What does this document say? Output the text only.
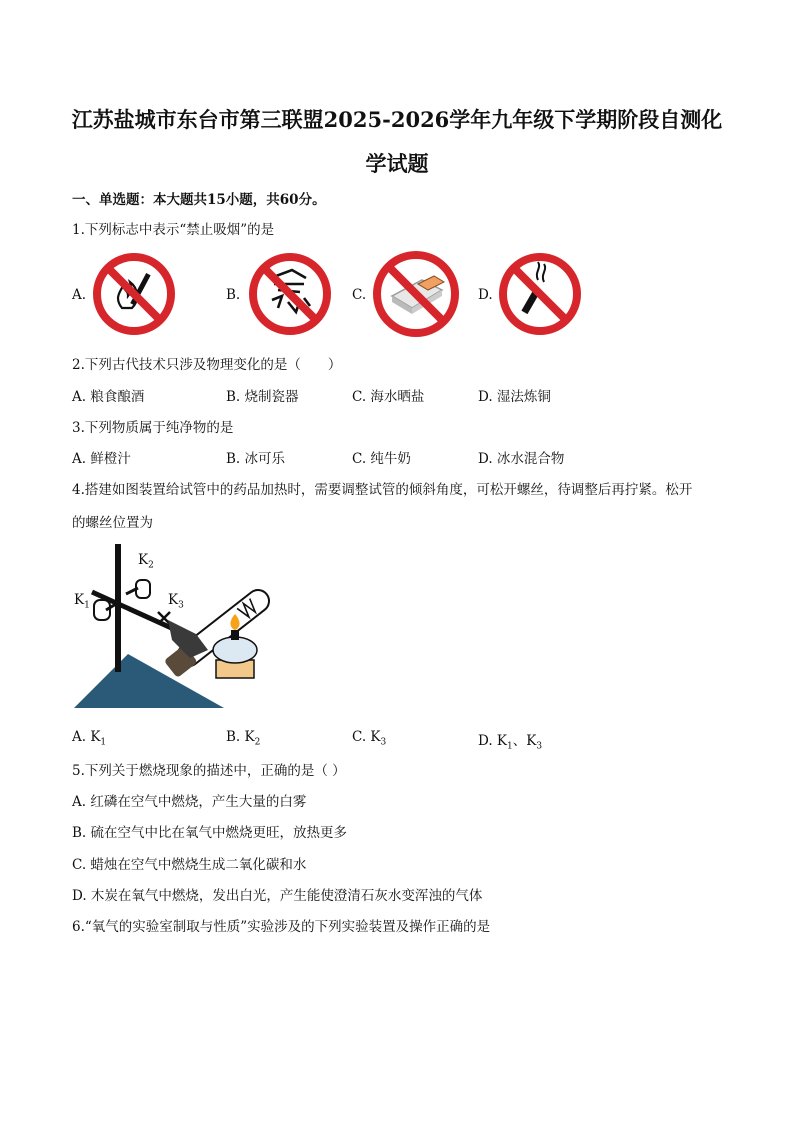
江苏盐城市东台市第三联盟2025-2026学年九年级下学期阶段自测化
学试题
一、单选题：本大题共15小题，共60分。
1.下列标志中表示“禁止吸烟”的是
A.	B.	C.	D.
2.下列古代技术只涉及物理变化的是（　　）
A. 粮食酿酒	B. 烧制瓷器	C. 海水晒盐	D. 湿法炼铜
3.下列物质属于纯净物的是
A. 鲜橙汁	B. 冰可乐	C. 纯牛奶	D. 冰水混合物
4.搭建如图装置给试管中的药品加热时，需要调整试管的倾斜角度，可松开螺丝，待调整后再拧紧。松开
的螺丝位置为
$K_1$
$K_2$
$K_3$
A. $K_1$	B. $K_2$	C. $K_3$	D. $K_1$、$K_3$
5.下列关于燃烧现象的描述中，正确的是（ ）
A. 红磷在空气中燃烧，产生大量的白雾
B. 硫在空气中比在氧气中燃烧更旺，放热更多
C. 蜡烛在空气中燃烧生成二氧化碳和水
D. 木炭在氧气中燃烧，发出白光，产生能使澄清石灰水变浑浊的气体
6.“氧气的实验室制取与性质”实验涉及的下列实验装置及操作正确的是
